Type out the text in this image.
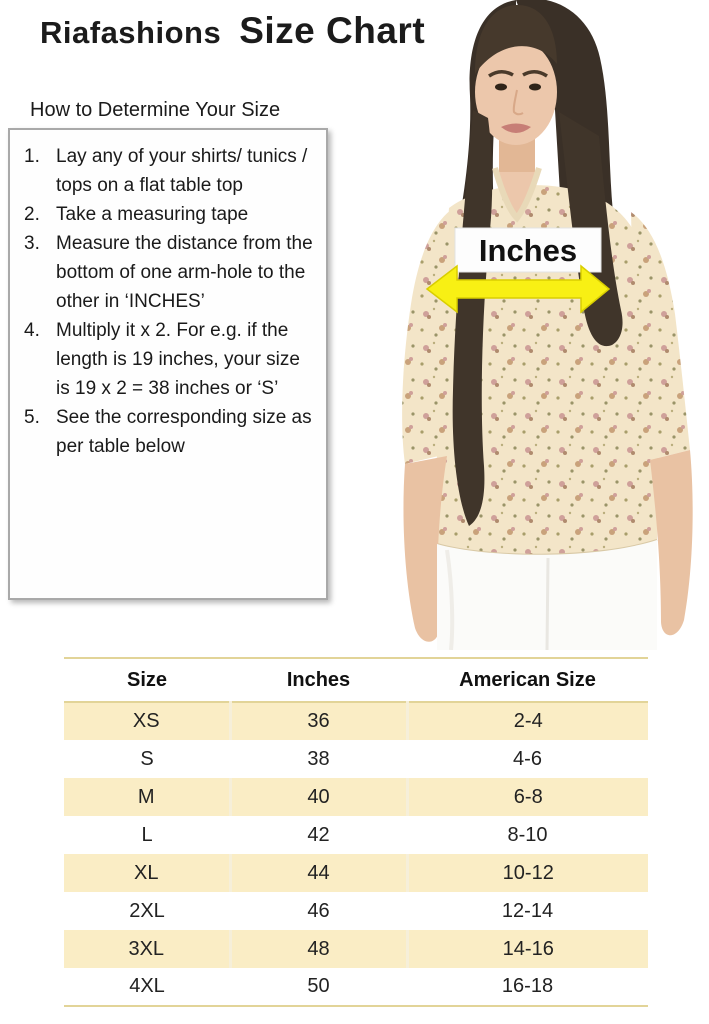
Riafashions Size Chart
How to Determine Your Size
1. Lay any of your shirts/ tunics / tops on a flat table top
2. Take a measuring tape
3. Measure the distance from the bottom of one arm-hole to the other in ‘INCHES’
4. Multiply it x 2. For e.g. if the length is 19 inches, your size is 19 x 2 = 38 inches or ‘S’
5. See the corresponding size as per table below
Inches
Size	Inches	American Size
XS	36	2-4
S	38	4-6
M	40	6-8
L	42	8-10
XL	44	10-12
2XL	46	12-14
3XL	48	14-16
4XL	50	16-18
